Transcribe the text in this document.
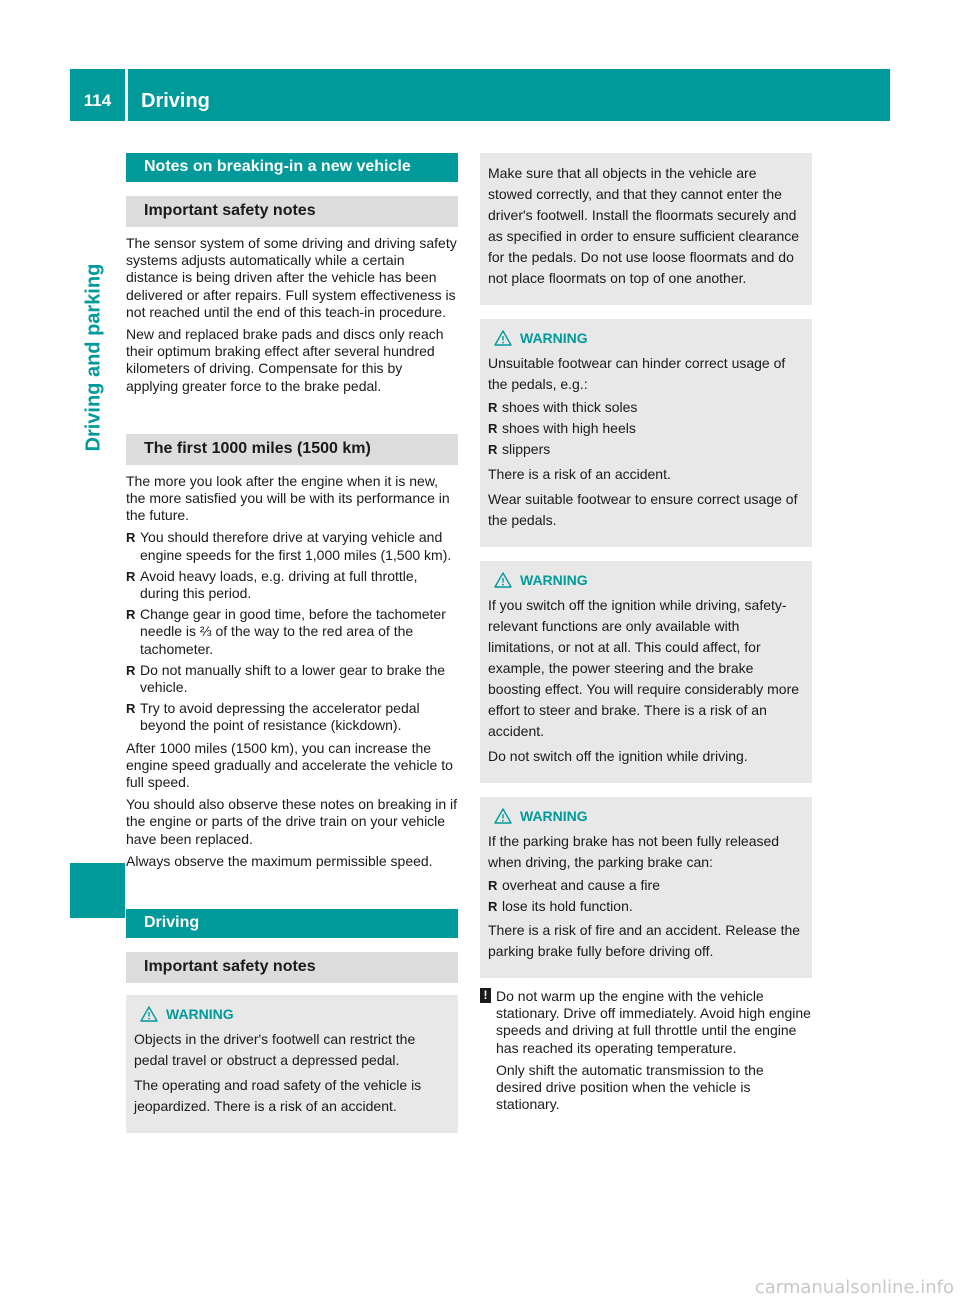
114	Driving
Driving and parking
Notes on breaking-in a new vehicle
Important safety notes

The sensor system of some driving and driving safety systems adjusts automatically while a certain distance is being driven after the vehicle has been delivered or after repairs. Full system effectiveness is not reached until the end of this teach-in procedure.

New and replaced brake pads and discs only reach their optimum braking effect after several hundred kilometers of driving. Compensate for this by applying greater force to the brake pedal.

The first 1000 miles (1500 km)

The more you look after the engine when it is new, the more satisfied you will be with its performance in the future.

R You should therefore drive at varying vehicle and engine speeds for the first 1,000 miles (1,500 km).
R Avoid heavy loads, e.g. driving at full throttle, during this period.
R Change gear in good time, before the tachometer needle is ⅔ of the way to the red area of the tachometer.
R Do not manually shift to a lower gear to brake the vehicle.
R Try to avoid depressing the accelerator pedal beyond the point of resistance (kickdown).

After 1000 miles (1500 km), you can increase the engine speed gradually and accelerate the vehicle to full speed.

You should also observe these notes on breaking in if the engine or parts of the drive train on your vehicle have been replaced.

Always observe the maximum permissible speed.

Driving
Important safety notes
WARNING

Objects in the driver's footwell can restrict the pedal travel or obstruct a depressed pedal.

The operating and road safety of the vehicle is jeopardized. There is a risk of an accident.

Make sure that all objects in the vehicle are stowed correctly, and that they cannot enter the driver's footwell. Install the floormats securely and as specified in order to ensure sufficient clearance for the pedals. Do not use loose floormats and do not place floormats on top of one another.

WARNING

Unsuitable footwear can hinder correct usage of the pedals, e.g.:

R shoes with thick soles
R shoes with high heels
R slippers

There is a risk of an accident.

Wear suitable footwear to ensure correct usage of the pedals.

WARNING

If you switch off the ignition while driving, safety-relevant functions are only available with limitations, or not at all. This could affect, for example, the power steering and the brake boosting effect. You will require considerably more effort to steer and brake. There is a risk of an accident.

Do not switch off the ignition while driving.

WARNING

If the parking brake has not been fully released when driving, the parking brake can:

R overheat and cause a fire
R lose its hold function.

There is a risk of fire and an accident. Release the parking brake fully before driving off.

! Do not warm up the engine with the vehicle stationary. Drive off immediately. Avoid high engine speeds and driving at full throttle until the engine has reached its operating temperature.

Only shift the automatic transmission to the desired drive position when the vehicle is stationary.

carmanualsonline.info
